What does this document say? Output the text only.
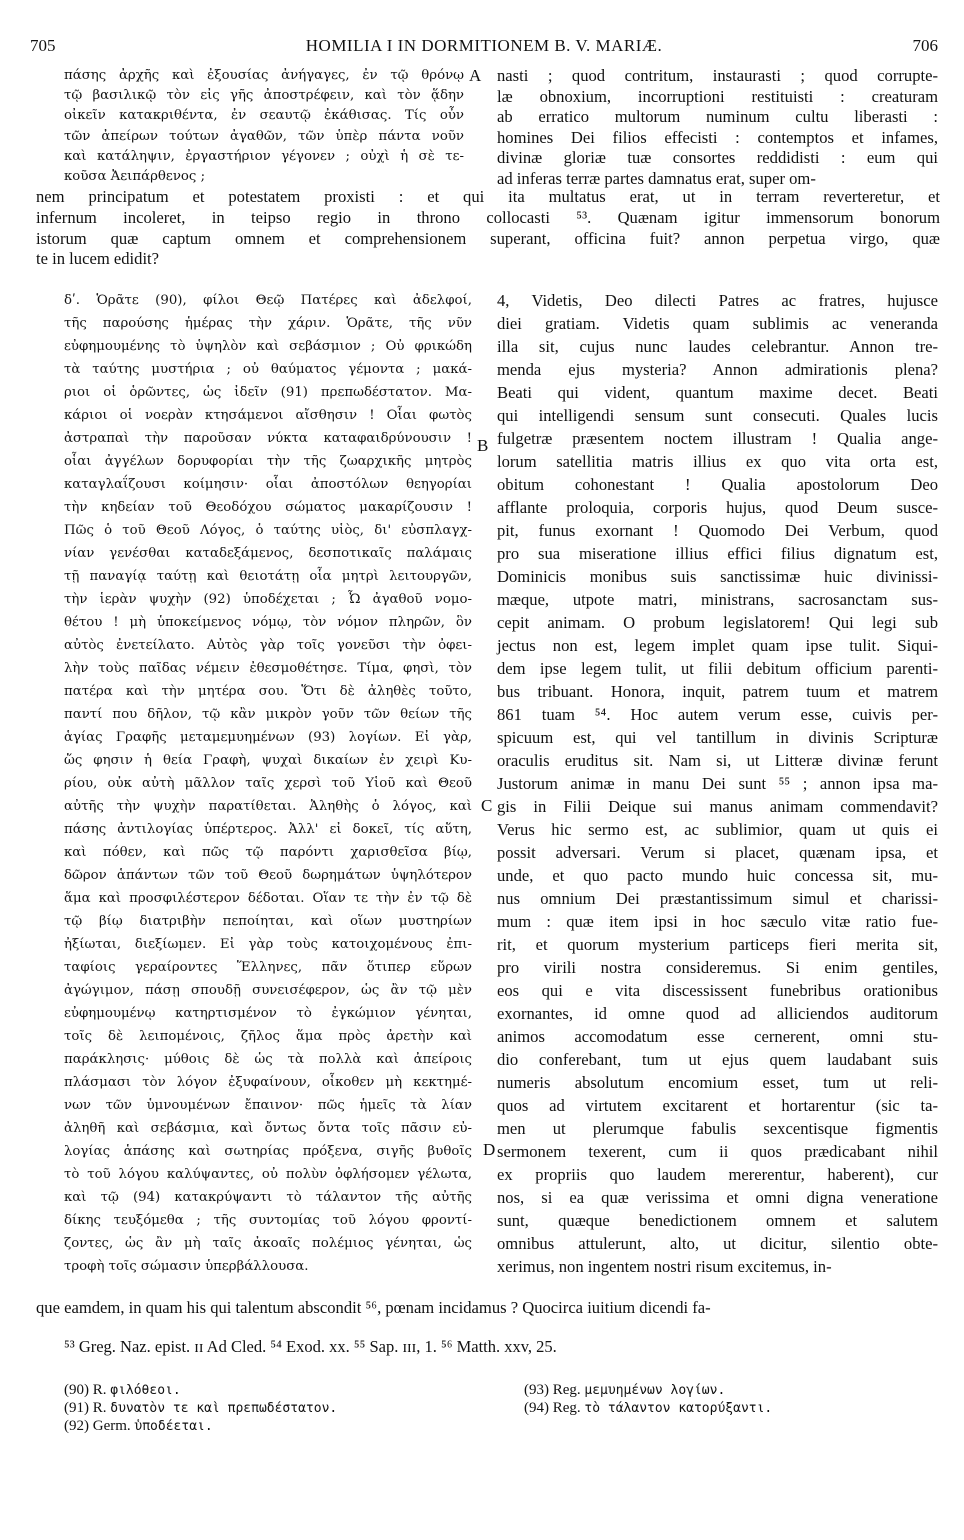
705	HOMILIA I IN DORMITIONEM B. V. MARIÆ.	706
πάσης ἀρχῆς καὶ ἐξουσίας ἀνήγαγες, ἐν τῷ θρόνῳ
τῷ βασιλικῷ τὸν εἰς γῆς ἀποστρέφειν, καὶ τὸν ᾅδην
οἰκεῖν κατακριθέντα, ἐν σεαυτῷ ἐκάθισας. Τίς οὖν
τῶν ἀπείρων τούτων ἀγαθῶν, τῶν ὑπὲρ πάντα νοῦν
καὶ κατάληψιν, ἐργαστήριον γέγονεν ; οὐχὶ ἡ σὲ τε-
κοῦσα Ἀειπάρθενος ;
nasti ; quod contritum, instaurasti ; quod corrupte-
læ obnoxium, incorruptioni restituisti : creaturam
ab erratico multorum numinum cultu liberasti :
homines Dei filios effecisti : contemptos et infames,
divinæ gloriæ tuæ consortes reddidisti : eum qui
ad inferas terræ partes damnatus erat, super om-
nem principatum et potestatem proxisti : et qui ita multatus erat, ut in terram reverteretur, et
infernum incoleret, in teipso regio in throno collocasti ⁵³. Quænam igitur immensorum bonorum
istorum quæ captum omnem et comprehensionem superant, officina fuit? annon perpetua virgo, quæ
te in lucem edidit?
δʹ. Ὁρᾶτε (90), φίλοι Θεῷ Πατέρες καὶ ἀδελφοί,
τῆς παρούσης ἡμέρας τὴν χάριν. Ὁρᾶτε, τῆς νῦν
εὐφημουμένης τὸ ὑψηλὸν καὶ σεβάσμιον ; Οὐ φρικώδη
τὰ ταύτης μυστήρια ; οὐ θαύματος γέμοντα ; μακά-
ριοι οἱ ὁρῶντες, ὡς ἰδεῖν (91) πρεπωδέστατον. Μα-
κάριοι οἱ νοερὰν κτησάμενοι αἴσθησιν ! Οἷαι φωτὸς
ἀστραπαὶ τὴν παροῦσαν νύκτα καταφαιδρύνουσιν !
οἷαι ἀγγέλων δορυφορίαι τὴν τῆς ζωαρχικῆς μητρὸς
καταγλαΐζουσι κοίμησιν· οἷαι ἀποστόλων θεηγορίαι
τὴν κηδείαν τοῦ Θεοδόχου σώματος μακαρίζουσιν !
Πῶς ὁ τοῦ Θεοῦ Λόγος, ὁ ταύτης υἱὸς, δι' εὐσπλαγχ-
νίαν γενέσθαι καταδεξάμενος, δεσποτικαῖς παλάμαις
τῇ παναγίᾳ ταύτῃ καὶ θειοτάτῃ οἷα μητρὶ λειτουργῶν,
τὴν ἱερὰν ψυχὴν (92) ὑποδέχεται ; Ὦ ἀγαθοῦ νομο-
θέτου ! μὴ ὑποκείμενος νόμῳ, τὸν νόμον πληρῶν, ὃν
αὐτὸς ἐνετείλατο. Αὐτὸς γὰρ τοῖς γονεῦσι τὴν ὀφει-
λὴν τοὺς παῖδας νέμειν ἐθεσμοθέτησε. Τίμα, φησὶ, τὸν
πατέρα καὶ τὴν μητέρα σου. Ὅτι δὲ ἀληθὲς τοῦτο,
παντί που δῆλον, τῷ κἂν μικρὸν γοῦν τῶν θείων τῆς
ἁγίας Γραφῆς μεταμεμυημένων (93) λογίων. Εἰ γὰρ,
ὥς φησιν ἡ θεία Γραφὴ, ψυχαὶ δικαίων ἐν χειρὶ Κυ-
ρίου, οὐκ αὐτὴ μᾶλλον ταῖς χερσὶ τοῦ Υἱοῦ καὶ Θεοῦ
αὐτῆς τὴν ψυχὴν παρατίθεται. Ἀληθὴς ὁ λόγος, καὶ
πάσης ἀντιλογίας ὑπέρτερος. Ἀλλ' εἰ δοκεῖ, τίς αὕτη,
καὶ πόθεν, καὶ πῶς τῷ παρόντι χαρισθεῖσα βίῳ,
δῶρον ἁπάντων τῶν τοῦ Θεοῦ δωρημάτων ὑψηλότερον
ἅμα καὶ προσφιλέστερον δέδοται. Οἵαν τε τὴν ἐν τῷ δὲ
τῷ βίῳ διατριβὴν πεποίηται, καὶ οἵων μυστηρίων
ἠξίωται, διεξίωμεν. Εἰ γὰρ τοὺς κατοιχομένους ἐπι-
ταφίοις γεραίροντες Ἕλληνες, πᾶν ὅτιπερ εὕρων
ἀγώγιμον, πάσῃ σπουδῇ συνεισέφερον, ὡς ἂν τῷ μὲν
εὐφημουμένῳ κατηρτισμένον τὸ ἐγκώμιον γένηται,
τοῖς δὲ λειπομένοις, ζῆλος ἅμα πρὸς ἀρετὴν καὶ
παράκλησις· μύθοις δὲ ὡς τὰ πολλὰ καὶ ἀπείροις
πλάσμασι τὸν λόγον ἐξυφαίνουν, οἷκοθεν μὴ κεκτημέ-
νων τῶν ὑμνουμένων ἔπαινον· πῶς ἡμεῖς τὰ λίαν
ἀληθῆ καὶ σεβάσμια, καὶ ὄντως ὄντα τοῖς πᾶσιν εὐ-
λογίας ἁπάσης καὶ σωτηρίας πρόξενα, σιγῆς βυθοῖς
τὸ τοῦ λόγου καλύψαντες, οὐ πολὺν ὀφλήσομεν γέλωτα,
καὶ τῷ (94) κατακρύψαντι τὸ τάλαντον τῆς αὐτῆς
δίκης τευξόμεθα ; τῆς συντομίας τοῦ λόγου φροντί-
ζοντες, ὡς ἂν μὴ ταῖς ἀκοαῖς πολέμιος γένηται, ὡς
τροφὴ τοῖς σώμασιν ὑπερβάλλουσα.
4, Videtis, Deo dilecti Patres ac fratres, hujusce
diei gratiam. Videtis quam sublimis ac veneranda
illa sit, cujus nunc laudes celebrantur. Annon tre-
menda ejus mysteria? Annon admirationis plena?
Beati qui vident, quantum maxime decet. Beati
qui intelligendi sensum sunt consecuti. Quales lucis
fulgetræ præsentem noctem illustram ! Qualia ange-
lorum satellitia matris illius ex quo vita orta est,
obitum cohonestant ! Qualia apostolorum Deo
afflante proloquia, corporis hujus, quod Deum susce-
pit, funus exornant ! Quomodo Dei Verbum, quod
pro sua miseratione illius effici filius dignatum est,
Dominicis monibus suis sanctissimæ huic divinissi-
mæque, utpote matri, ministrans, sacrosanctam sus-
cepit animam. O probum legislatorem! Qui legi sub
jectus non est, legem implet quam ipse tulit. Siqui-
dem ipse legem tulit, ut filii debitum officium parenti-
bus tribuant. Honora, inquit, patrem tuum et matrem
861 tuam ⁵⁴. Hoc autem verum esse, cuivis per-
spicuum est, qui vel tantillum in divinis Scripturæ
oraculis eruditus sit. Nam si, ut Litteræ divinæ ferunt
Justorum animæ in manu Dei sunt ⁵⁵ ; annon ipsa ma-
gis in Filii Deique sui manus animam commendavit?
Verus hic sermo est, ac sublimior, quam ut quis ei
possit adversari. Verum si placet, quænam ipsa, et
unde, et quo pacto mundo huic concessa sit, mu-
nus omnium Dei præstantissimum simul et charissi-
mum : quæ item ipsi in hoc sæculo vitæ ratio fue-
rit, et quorum mysterium particeps fieri merita sit,
pro virili nostra consideremus. Si enim gentiles,
eos qui e vita discessissent funebribus orationibus
exornantes, id omne quod ad alliciendos auditorum
animos accomodatum esse cernerent, omni stu-
dio conferebant, tum ut ejus quem laudabant suis
numeris absolutum encomium esset, tum ut reli-
quos ad virtutem excitarent et hortarentur (sic ta-
men ut plerumque fabulis sexcentisque figmentis
sermonem texerent, cum ii quos prædicabant nihil
ex propriis quo laudem mererentur, haberent), cur
nos, si ea quæ verissima et omni digna veneratione
sunt, quæque benedictionem omnem et salutem
omnibus attulerunt, alto, ut dicitur, silentio obte-
xerimus, non ingentem nostri risum excitemus, in-
A
B
C
D
que eamdem, in quam his qui talentum abscondit ⁵⁶, pœnam incidamus ? Quocirca iuitium dicendi fa-
⁵³ Greg. Naz. epist. ɪɪ Ad Cled. ⁵⁴ Exod. xx. ⁵⁵ Sap. ɪɪɪ, 1. ⁵⁶ Matth. xxv, 25.
(90) R. φιλόθεοι.
(91) R. δυνατὸν τε καὶ πρεπωδέστατον.
(92) Germ. ὑποδέεται.
(93) Reg. μεμυημένων λογίων.
(94) Reg. τὸ τάλαντον κατορύξαντι.
